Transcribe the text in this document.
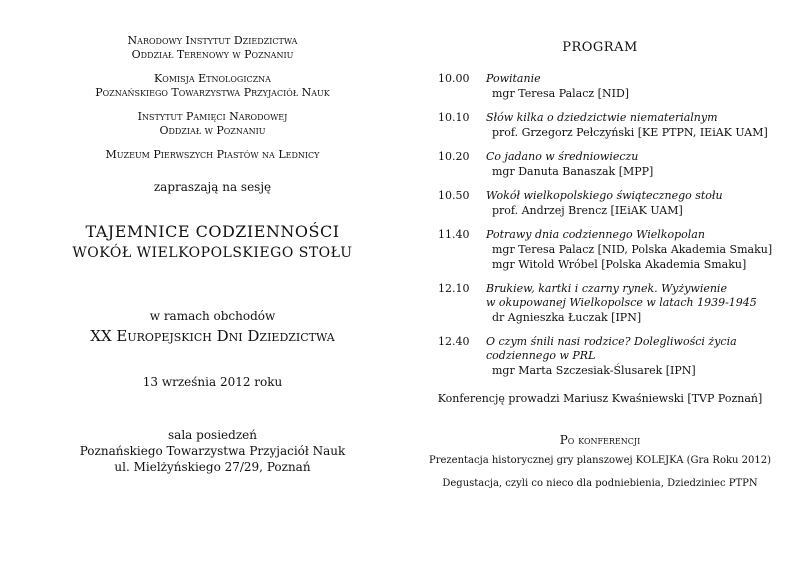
Narodowy Instytut Dziedzictwa
Oddział Terenowy w Poznaniu
Komisja Etnologiczna
Poznańskiego Towarzystwa Przyjaciół Nauk
Instytut Pamięci Narodowej
Oddział w Poznaniu
Muzeum Pierwszych Piastów na Lednicy
zapraszają na sesję
TAJEMNICE CODZIENNOŚCI
WOKÓŁ WIELKOPOLSKIEGO STOŁU
w ramach obchodów
XX Europejskich Dni Dziedzictwa
13 września 2012 roku
sala posiedzeń
Poznańskiego Towarzystwa Przyjaciół Nauk
ul. Mielżyńskiego 27/29, Poznań
PROGRAM
10.00 Powitanie
mgr Teresa Palacz [NID]
10.10 Słów kilka o dziedzictwie niematerialnym
prof. Grzegorz Pełczyński [KE PTPN, IEiAK UAM]
10.20 Co jadano w średniowieczu
mgr Danuta Banaszak [MPP]
10.50 Wokół wielkopolskiego świątecznego stołu
prof. Andrzej Brencz [IEiAK UAM]
11.40 Potrawy dnia codziennego Wielkopolan
mgr Teresa Palacz [NID, Polska Akademia Smaku]
mgr Witold Wróbel [Polska Akademia Smaku]
12.10 Brukiew, kartki i czarny rynek. Wyżywienie
w okupowanej Wielkopolsce w latach 1939-1945
dr Agnieszka Łuczak [IPN]
12.40 O czym śnili nasi rodzice? Dolegliwości życia
codziennego w PRL
mgr Marta Szczesiak-Ślusarek [IPN]
Konferencję prowadzi Mariusz Kwaśniewski [TVP Poznań]
Po konferencji
Prezentacja historycznej gry planszowej KOLEJKA (Gra Roku 2012)
Degustacja, czyli co nieco dla podniebienia, Dziedziniec PTPN
